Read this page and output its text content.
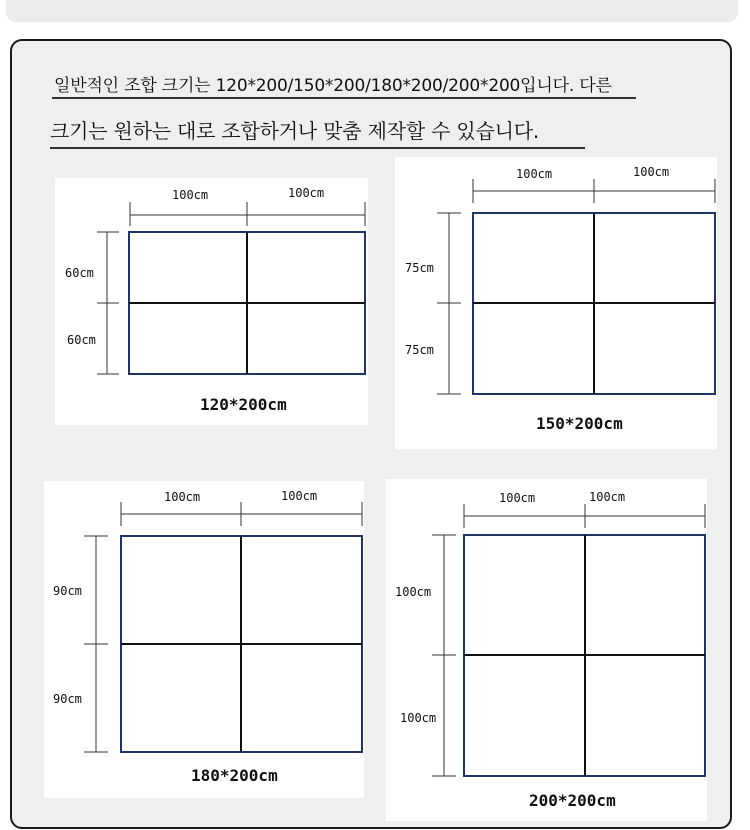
일반적인 조합 크기는 120*200/150*200/180*200/200*200입니다. 다른
크기는 원하는 대로 조합하거나 맞춤 제작할 수 있습니다.
100cm	100cm
60cm
60cm
120*200cm
100cm	100cm
75cm
75cm
150*200cm
100cm	100cm
90cm
90cm
180*200cm
100cm	100cm
100cm
100cm
200*200cm
